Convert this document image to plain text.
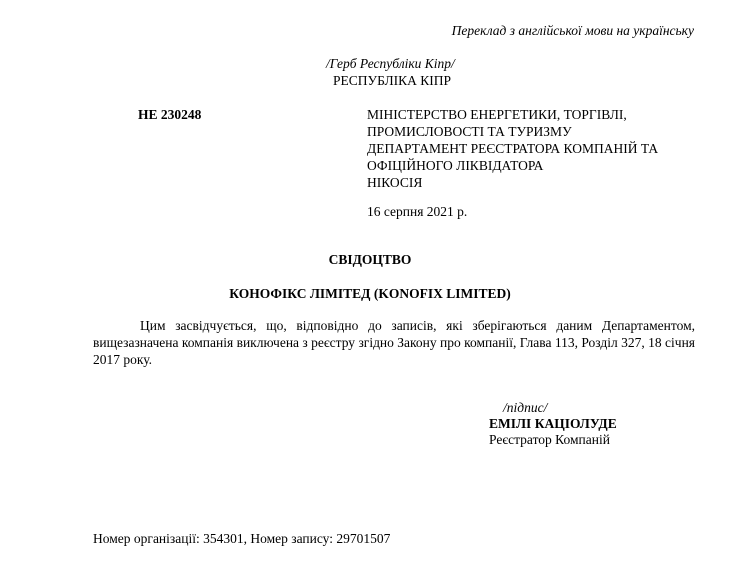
Переклад з англійської мови на українську
/Герб Республіки Кіпр/
РЕСПУБЛІКА КІПР
НЕ 230248	МІНІСТЕРСТВО ЕНЕРГЕТИКИ, ТОРГІВЛІ,
ПРОМИСЛОВОСТІ ТА ТУРИЗМУ
ДЕПАРТАМЕНТ РЕЄСТРАТОРА КОМПАНІЙ ТА
ОФІЦІЙНОГО ЛІКВІДАТОРА
НІКОСІЯ
16 серпня 2021 р.
СВІДОЦТВО
КОНОФІКС ЛІМІТЕД (KONOFIX LIMITED)
Цим засвідчується, що, відповідно до записів, які зберігаються даним Департаментом, вищезазначена компанія виключена з реєстру згідно Закону про компанії, Глава 113, Розділ 327, 18 січня 2017 року.
/підпис/
ЕМІЛІ КАЦІОЛУДЕ
Реєстратор Компаній
Номер організації: 354301, Номер запису: 29701507
